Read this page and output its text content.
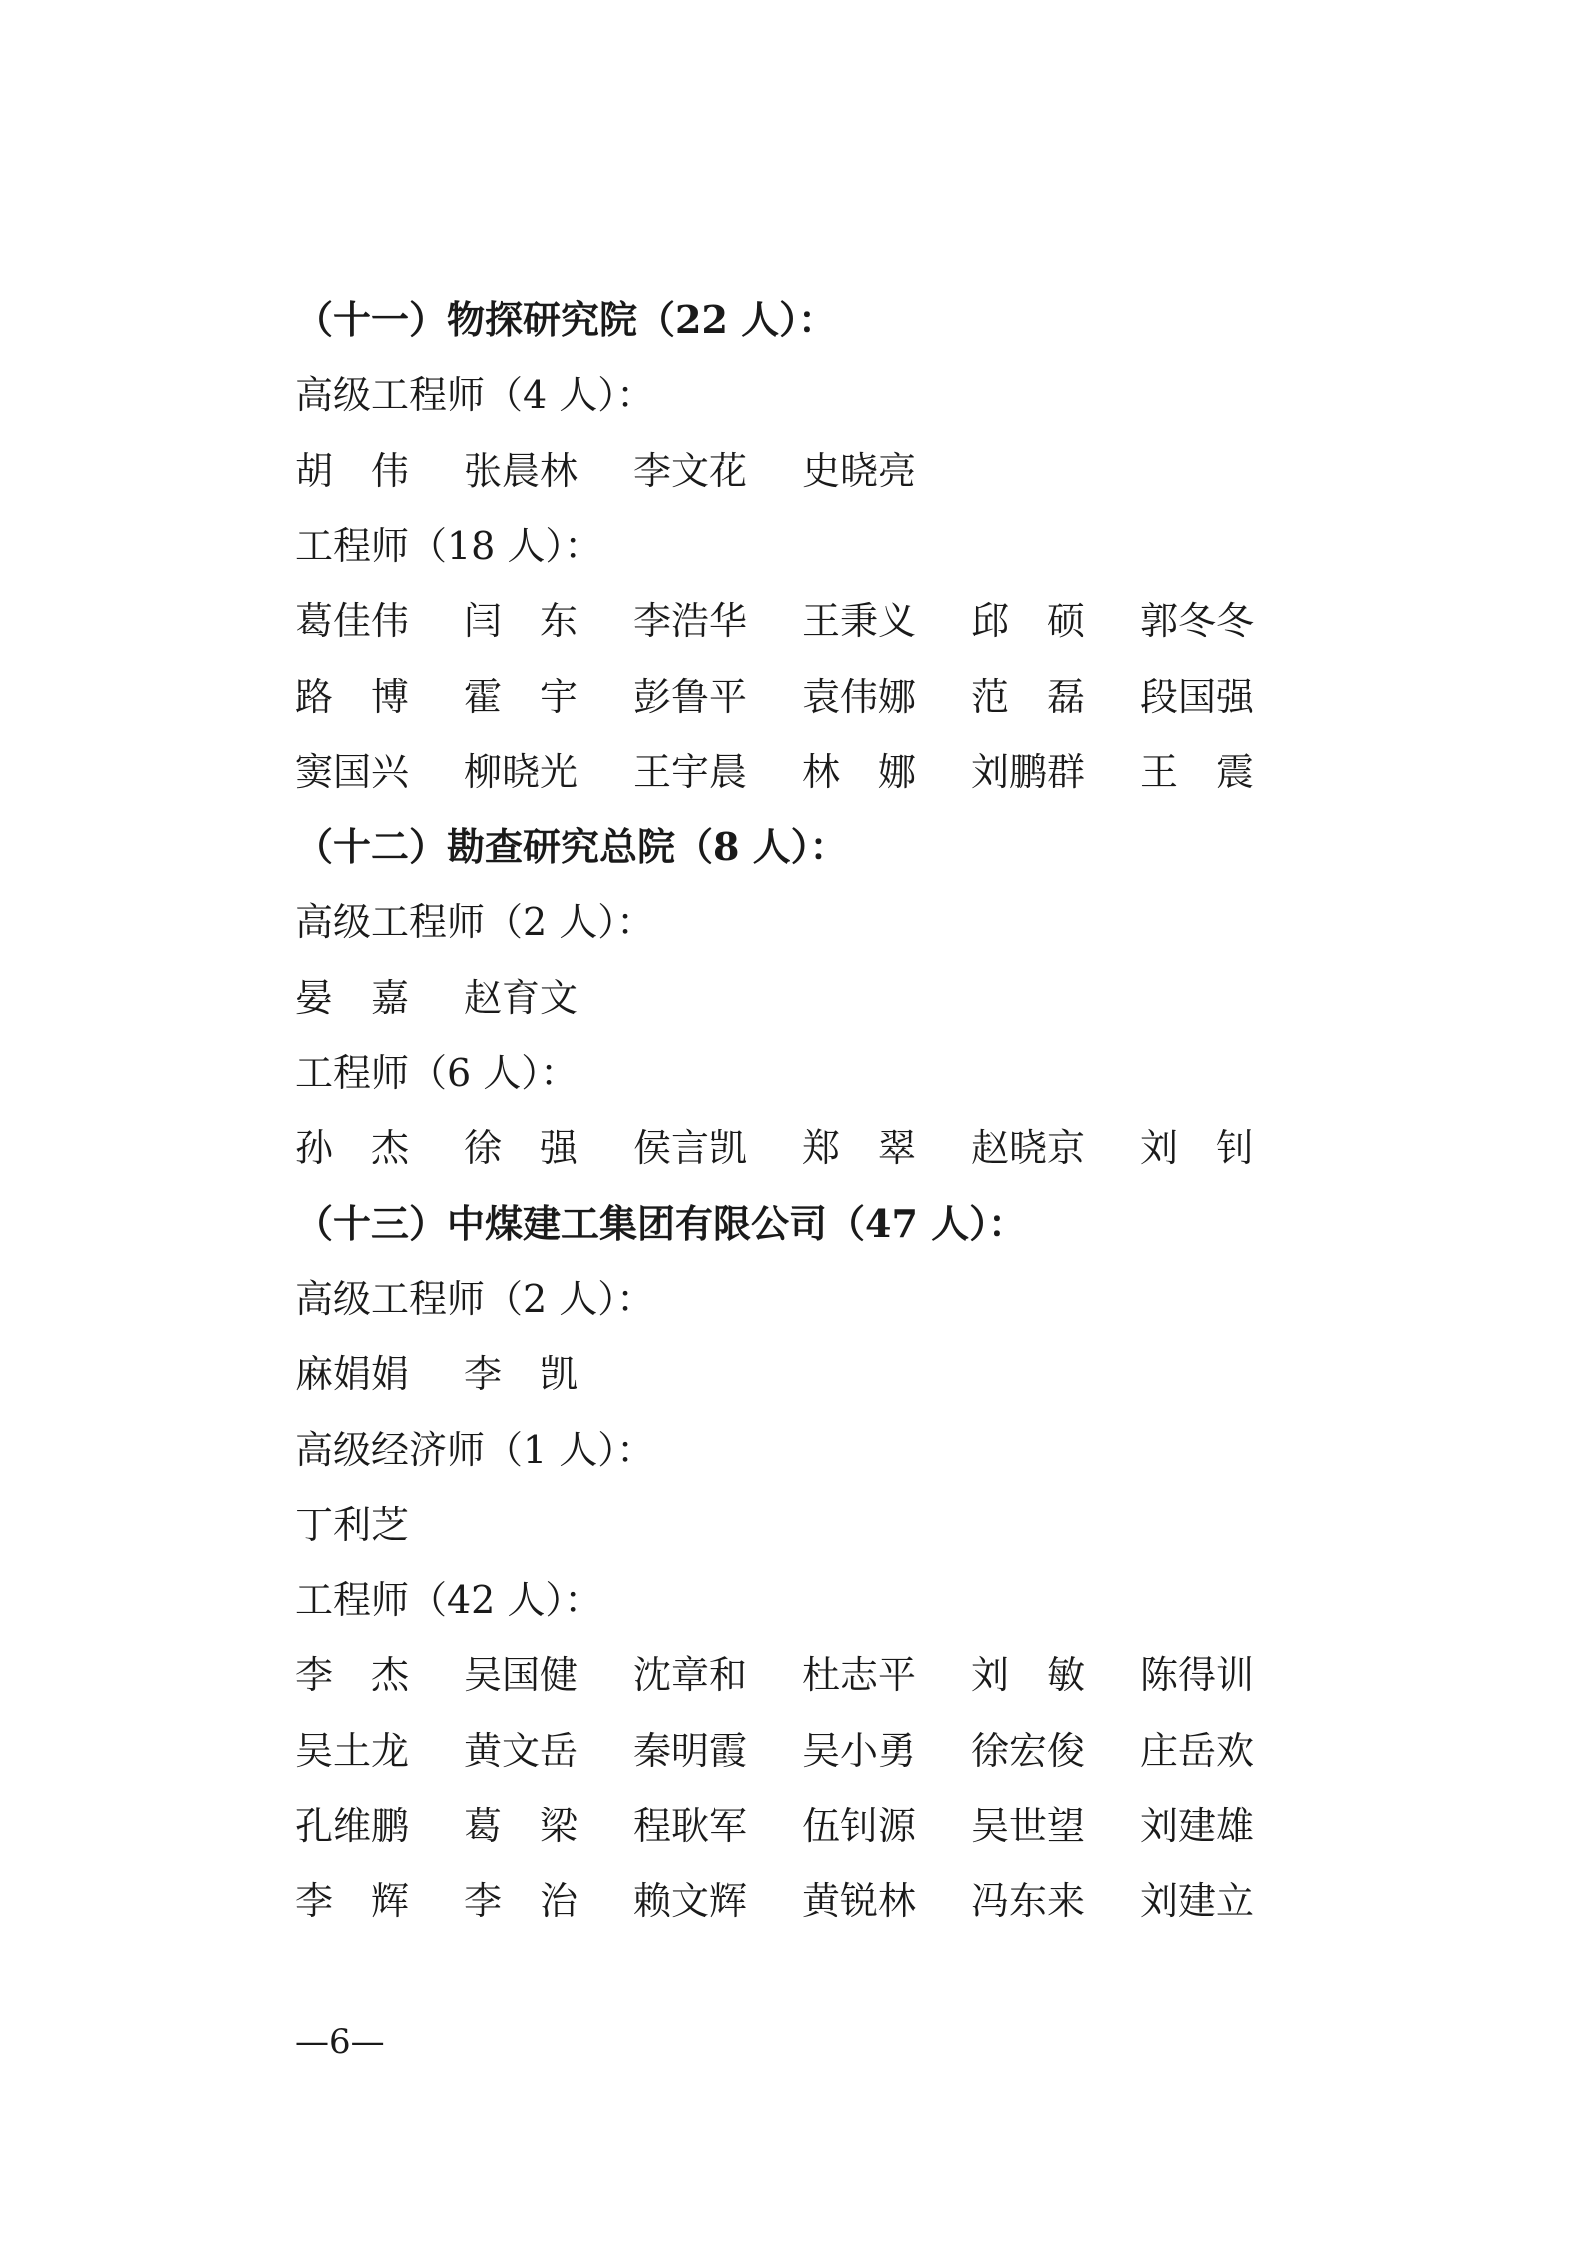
（十一）物探研究院（22 人）：
高级工程师（4 人）：
胡 伟 张 晨 林 李 文 花 史 晓 亮
工程师（18 人）：
葛 佳 伟 闫 东 李 浩 华 王 秉 义 邱 硕 郭 冬 冬
路 博 霍 宇 彭 鲁 平 袁 伟 娜 范 磊 段 国 强
窦 国 兴 柳 晓 光 王 宇 晨 林 娜 刘 鹏 群 王 震
（十二）勘查研究总院（8 人）：
高级工程师（2 人）：
晏 嘉 赵 育 文
工程师（6 人）：
孙 杰 徐 强 侯 言 凯 郑 翠 赵 晓 京 刘 钊
（十三）中煤建工集团有限公司（47 人）：
高级工程师（2 人）：
麻 娟 娟 李 凯
高级经济师（1 人）：
丁 利 芝
工程师（42 人）：
李 杰 吴 国 健 沈 章 和 杜 志 平 刘 敏 陈 得 训
吴 土 龙 黄 文 岳 秦 明 霞 吴 小 勇 徐 宏 俊 庄 岳 欢
孔 维 鹏 葛 梁 程 耿 军 伍 钊 源 吴 世 望 刘 建 雄
李 辉 李 治 赖 文 辉 黄 锐 林 冯 东 来 刘 建 立
—6—
